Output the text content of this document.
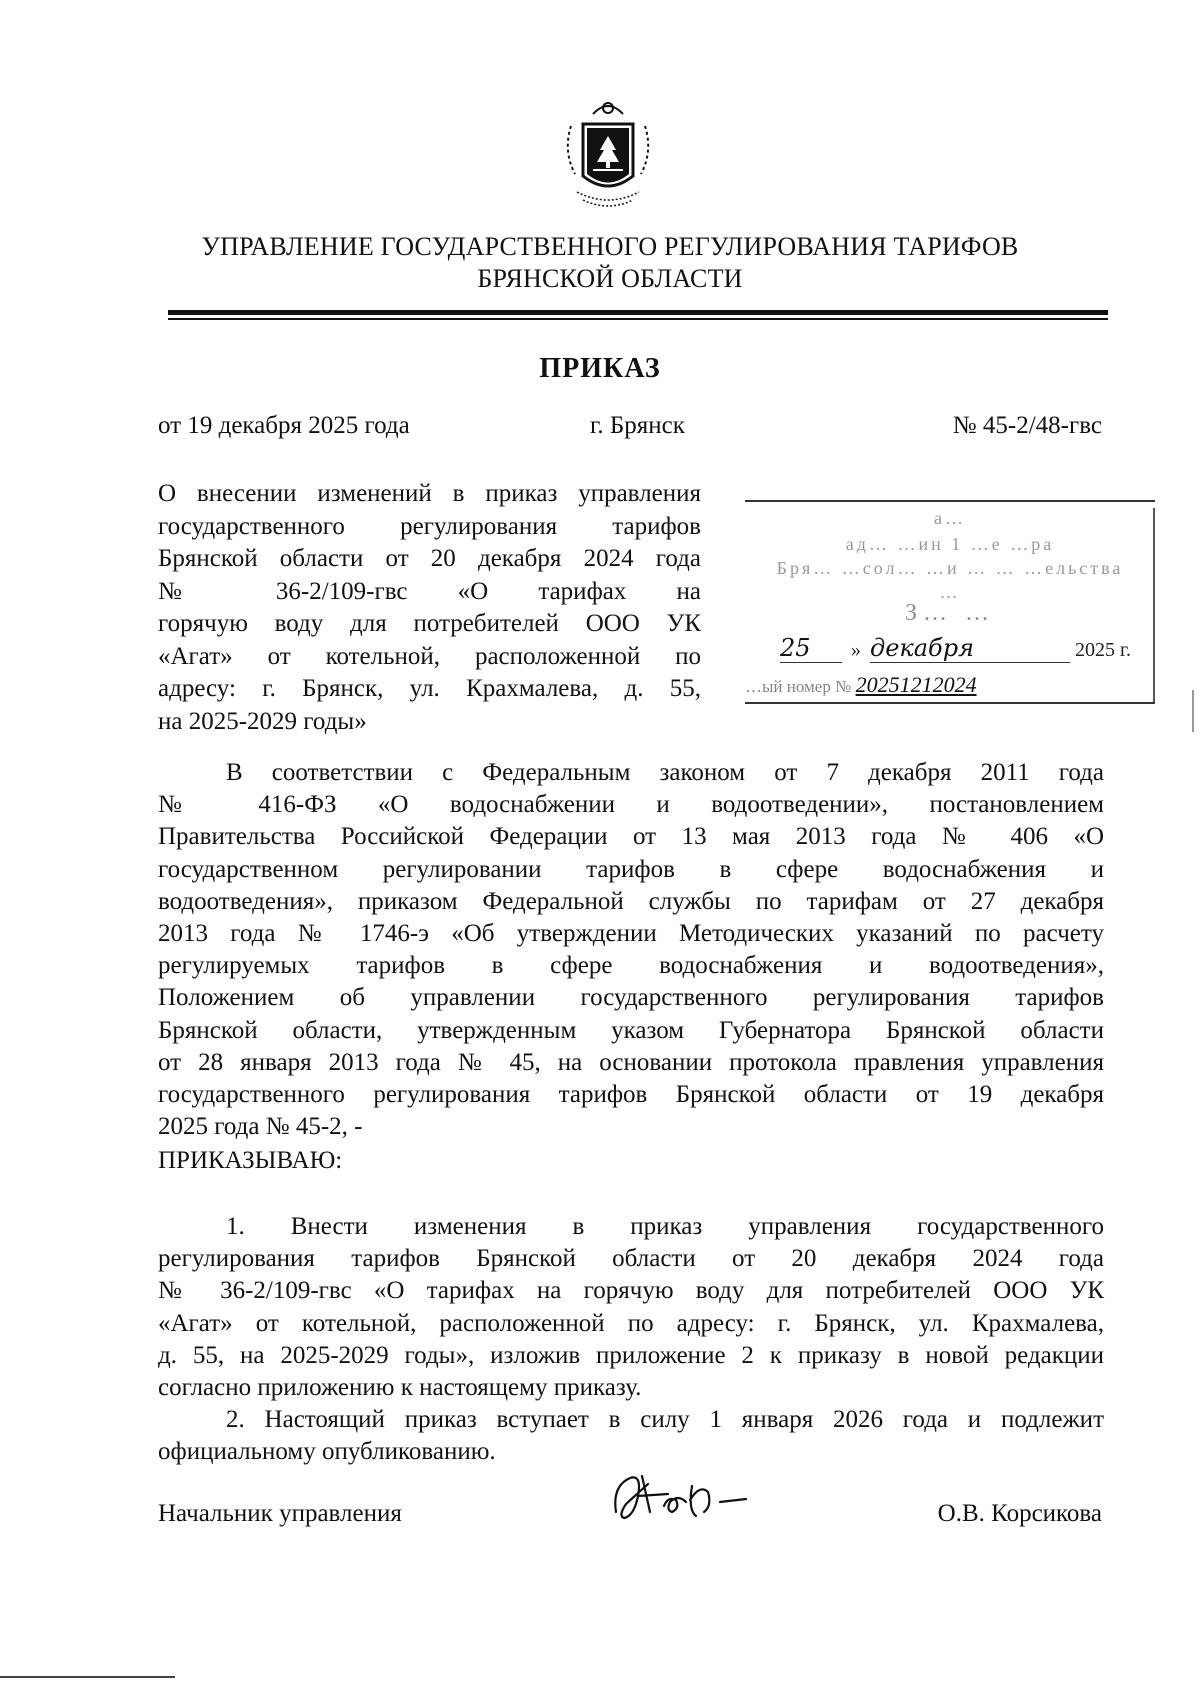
УПРАВЛЕНИЕ ГОСУДАРСТВЕННОГО РЕГУЛИРОВАНИЯ ТАРИФОВ
БРЯНСКОЙ ОБЛАСТИ
ПРИКАЗ
от 19 декабря 2025 года	г. Брянск	№ 45-2/48-гвс
О внесении изменений в приказ управления
государственного регулирования тарифов
Брянской области от 20 декабря 2024 года
№ 36-2/109-гвс «О тарифах на
горячую воду для потребителей ООО УК
«Агат» от котельной, расположенной по
адресу: г. Брянск, ул. Крахмалева, д. 55,
на 2025-2029 годы»
а…
ад… …ин 1 …е …ра
Бря… …сол… …и … … …ельства
…
З… …
25 » декабря	2025 г.
…ый номер № 20251212024
В соответствии с Федеральным законом от 7 декабря 2011 года
№ 416-ФЗ «О водоснабжении и водоотведении», постановлением
Правительства Российской Федерации от 13 мая 2013 года № 406 «О
государственном регулировании тарифов в сфере водоснабжения и
водоотведения», приказом Федеральной службы по тарифам от 27 декабря
2013 года № 1746-э «Об утверждении Методических указаний по расчету
регулируемых тарифов в сфере водоснабжения и водоотведения»,
Положением об управлении государственного регулирования тарифов
Брянской области, утвержденным указом Губернатора Брянской области
от 28 января 2013 года № 45, на основании протокола правления управления
государственного регулирования тарифов Брянской области от 19 декабря
2025 года № 45-2, -
ПРИКАЗЫВАЮ:
1. Внести изменения в приказ управления государственного
регулирования тарифов Брянской области от 20 декабря 2024 года
№ 36-2/109-гвс «О тарифах на горячую воду для потребителей ООО УК
«Агат» от котельной, расположенной по адресу: г. Брянск, ул. Крахмалева,
д. 55, на 2025-2029 годы», изложив приложение 2 к приказу в новой редакции
согласно приложению к настоящему приказу.
2. Настоящий приказ вступает в силу 1 января 2026 года и подлежит
официальному опубликованию.
Начальник управления	О.В. Корсикова
